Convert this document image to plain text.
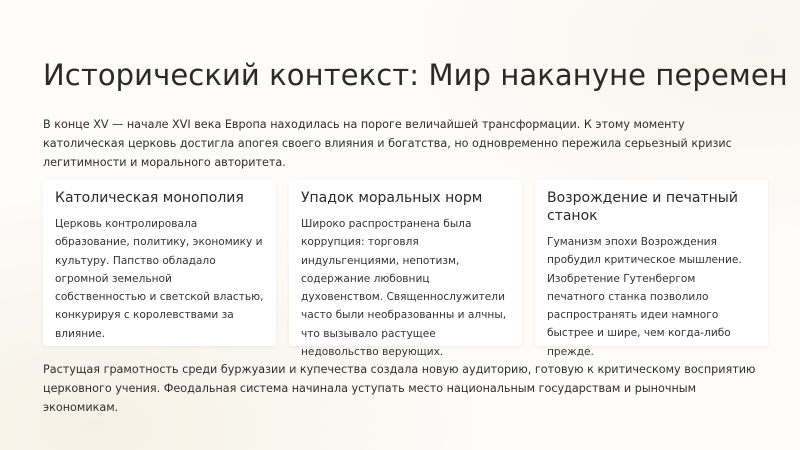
Исторический контекст: Мир накануне перемен

В конце XV — начале XVI века Европа находилась на пороге величайшей трансформации. К этому моменту католическая церковь достигла апогея своего влияния и богатства, но одновременно пережила серьезный кризис легитимности и морального авторитета.

Католическая монополия

Церковь контролировала образование, политику, экономику и культуру. Папство обладало огромной земельной собственностью и светской властью, конкурируя с королевствами за влияние.

Упадок моральных норм

Широко распространена была коррупция: торговля индульгенциями, непотизм, содержание любовниц духовенством. Священнослужители часто были необразованны и алчны, что вызывало растущее недовольство верующих.

Возрождение и печатный станок

Гуманизм эпохи Возрождения пробудил критическое мышление. Изобретение Гутенбергом печатного станка позволило распространять идеи намного быстрее и шире, чем когда-либо прежде.

Растущая грамотность среди буржуазии и купечества создала новую аудиторию, готовую к критическому восприятию церковного учения. Феодальная система начинала уступать место национальным государствам и рыночным экономикам.
